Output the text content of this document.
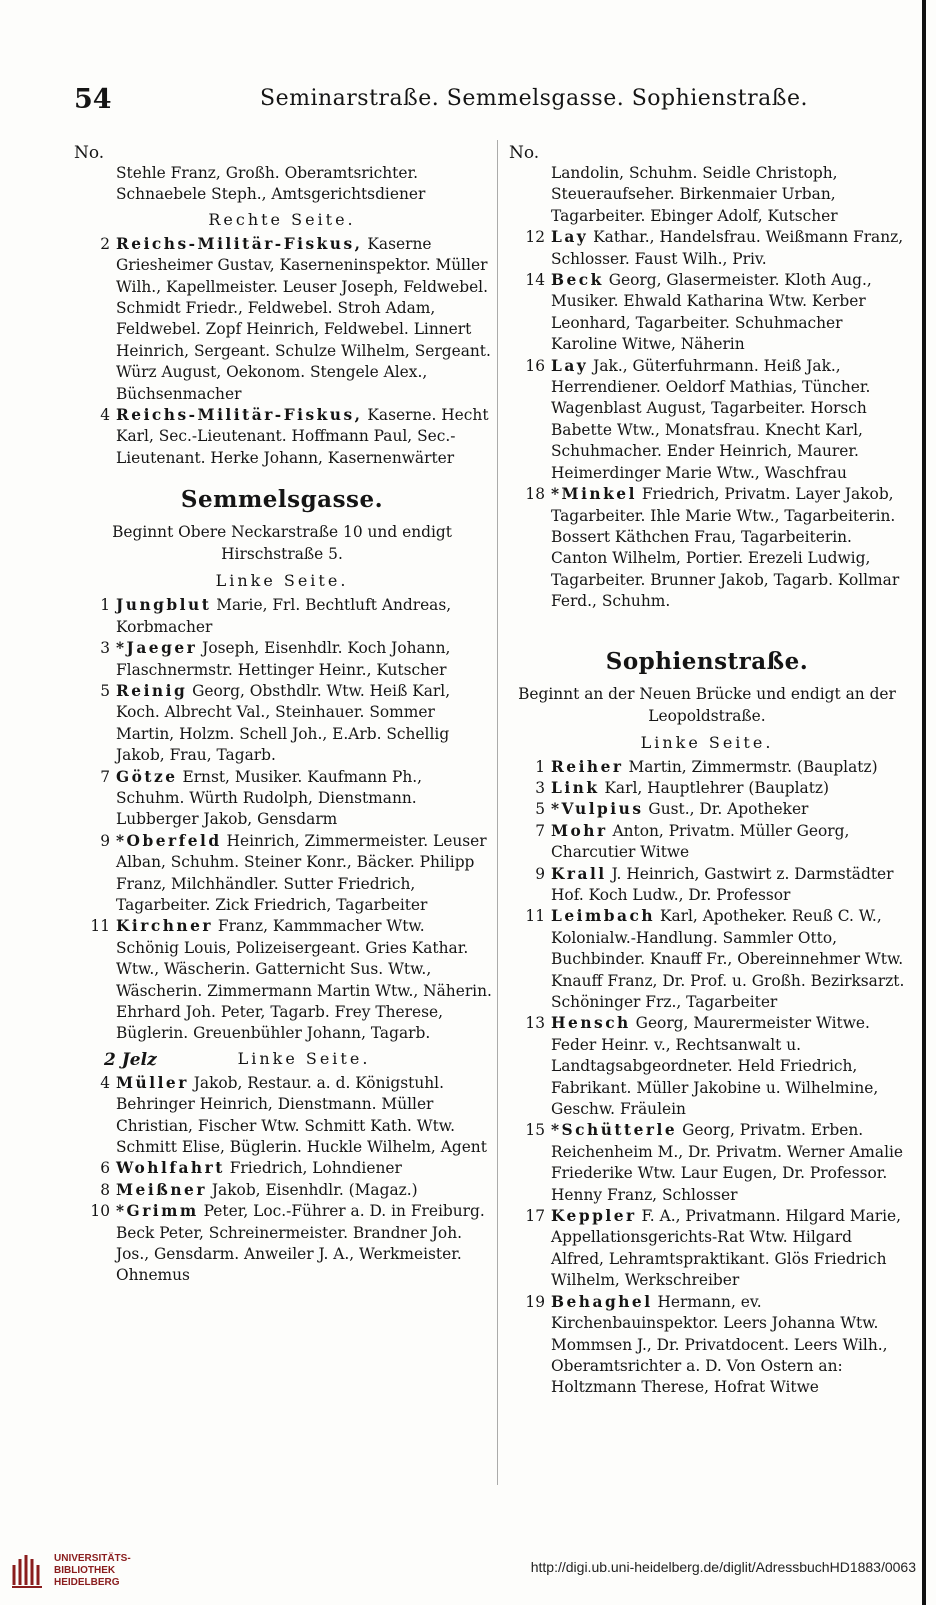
54	Seminarstraße. Semmelsgasse. Sophienstraße.
No.

Stehle Franz, Großh. Oberamtsrichter.

Schnaebele Steph., Amtsgerichtsdiener

Rechte Seite.

2 Reichs-Militär-Fiskus, Kaserne Griesheimer Gustav, Kaserneninspektor. Müller Wilh., Kapellmeister. Leuser Joseph, Feldwebel. Schmidt Friedr., Feldwebel. Stroh Adam, Feldwebel. Zopf Heinrich, Feldwebel. Linnert Heinrich, Sergeant. Schulze Wilhelm, Sergeant. Würz August, Oekonom. Stengele Alex., Büchsenmacher

4 Reichs-Militär-Fiskus, Kaserne. Hecht Karl, Sec.-Lieutenant. Hoffmann Paul, Sec.-Lieutenant. Herke Johann, Kasernenwärter

Semmelsgasse.
Beginnt Obere Neckarstraße 10 und endigt Hirschstraße 5.
Linke Seite.

1 Jungblut Marie, Frl. Bechtluft Andreas, Korbmacher

3 *Jaeger Joseph, Eisenhdlr. Koch Johann, Flaschnermstr. Hettinger Heinr., Kutscher

5 Reinig Georg, Obsthdlr. Wtw. Heiß Karl, Koch. Albrecht Val., Steinhauer. Sommer Martin, Holzm. Schell Joh., E.Arb. Schellig Jakob, Frau, Tagarb.

7 Götze Ernst, Musiker. Kaufmann Ph., Schuhm. Würth Rudolph, Dienstmann. Lubberger Jakob, Gensdarm

9 *Oberfeld Heinrich, Zimmermeister. Leuser Alban, Schuhm. Steiner Konr., Bäcker. Philipp Franz, Milchhändler. Sutter Friedrich, Tagarbeiter. Zick Friedrich, Tagarbeiter

11 Kirchner Franz, Kammmacher Wtw. Schönig Louis, Polizeisergeant. Gries Kathar. Wtw., Wäscherin. Gatternicht Sus. Wtw., Wäscherin. Zimmermann Martin Wtw., Näherin. Ehrhard Joh. Peter, Tagarb. Frey Therese, Büglerin. Greuenbühler Johann, Tagarb.

2 Jelz	Linke Seite.

4 Müller Jakob, Restaur. a. d. Königstuhl. Behringer Heinrich, Dienstmann. Müller Christian, Fischer Wtw. Schmitt Kath. Wtw. Schmitt Elise, Büglerin. Huckle Wilhelm, Agent

6 Wohlfahrt Friedrich, Lohndiener

8 Meißner Jakob, Eisenhdlr. (Magaz.)

10 *Grimm Peter, Loc.-Führer a. D. in Freiburg. Beck Peter, Schreinermeister. Brandner Joh. Jos., Gensdarm. Anweiler J. A., Werkmeister. Ohnemus

No.

Landolin, Schuhm. Seidle Christoph,

Steueraufseher. Birkenmaier Urban,

Tagarbeiter. Ebinger Adolf, Kutscher

12 Lay Kathar., Handelsfrau. Weißmann Franz, Schlosser. Faust Wilh., Priv.

14 Beck Georg, Glasermeister. Kloth Aug., Musiker. Ehwald Katharina Wtw. Kerber Leonhard, Tagarbeiter. Schuhmacher Karoline Witwe, Näherin

16 Lay Jak., Güterfuhrmann. Heiß Jak., Herrendiener. Oeldorf Mathias, Tüncher. Wagenblast August, Tagarbeiter. Horsch Babette Wtw., Monatsfrau. Knecht Karl, Schuhmacher. Ender Heinrich, Maurer. Heimerdinger Marie Wtw., Waschfrau

18 *Minkel Friedrich, Privatm. Layer Jakob, Tagarbeiter. Ihle Marie Wtw., Tagarbeiterin. Bossert Käthchen Frau, Tagarbeiterin. Canton Wilhelm, Portier. Erezeli Ludwig, Tagarbeiter. Brunner Jakob, Tagarb. Kollmar Ferd., Schuhm.

Sophienstraße.
Beginnt an der Neuen Brücke und endigt an der Leopoldstraße.
Linke Seite.

1 Reiher Martin, Zimmermstr. (Bauplatz)

3 Link Karl, Hauptlehrer (Bauplatz)

5 *Vulpius Gust., Dr. Apotheker

7 Mohr Anton, Privatm. Müller Georg, Charcutier Witwe

9 Krall J. Heinrich, Gastwirt z. Darmstädter Hof. Koch Ludw., Dr. Professor

11 Leimbach Karl, Apotheker. Reuß C. W., Kolonialw.-Handlung. Sammler Otto, Buchbinder. Knauff Fr., Obereinnehmer Wtw. Knauff Franz, Dr. Prof. u. Großh. Bezirksarzt. Schöninger Frz., Tagarbeiter

13 Hensch Georg, Maurermeister Witwe. Feder Heinr. v., Rechtsanwalt u. Landtagsabgeordneter. Held Friedrich, Fabrikant. Müller Jakobine u. Wilhelmine, Geschw. Fräulein

15 *Schütterle Georg, Privatm. Erben. Reichenheim M., Dr. Privatm. Werner Amalie Friederike Wtw. Laur Eugen, Dr. Professor. Henny Franz, Schlosser

17 Keppler F. A., Privatmann. Hilgard Marie, Appellationsgerichts-Rat Wtw. Hilgard Alfred, Lehramtspraktikant. Glös Friedrich Wilhelm, Werkschreiber

19 Behaghel Hermann, ev. Kirchenbauinspektor. Leers Johanna Wtw. Mommsen J., Dr. Privatdocent. Leers Wilh., Oberamtsrichter a. D. Von Ostern an: Holtzmann Therese, Hofrat Witwe

UNIVERSITÄTS-
BIBLIOTHEK
HEIDELBERG
http://digi.ub.uni-heidelberg.de/diglit/AdressbuchHD1883/0063
